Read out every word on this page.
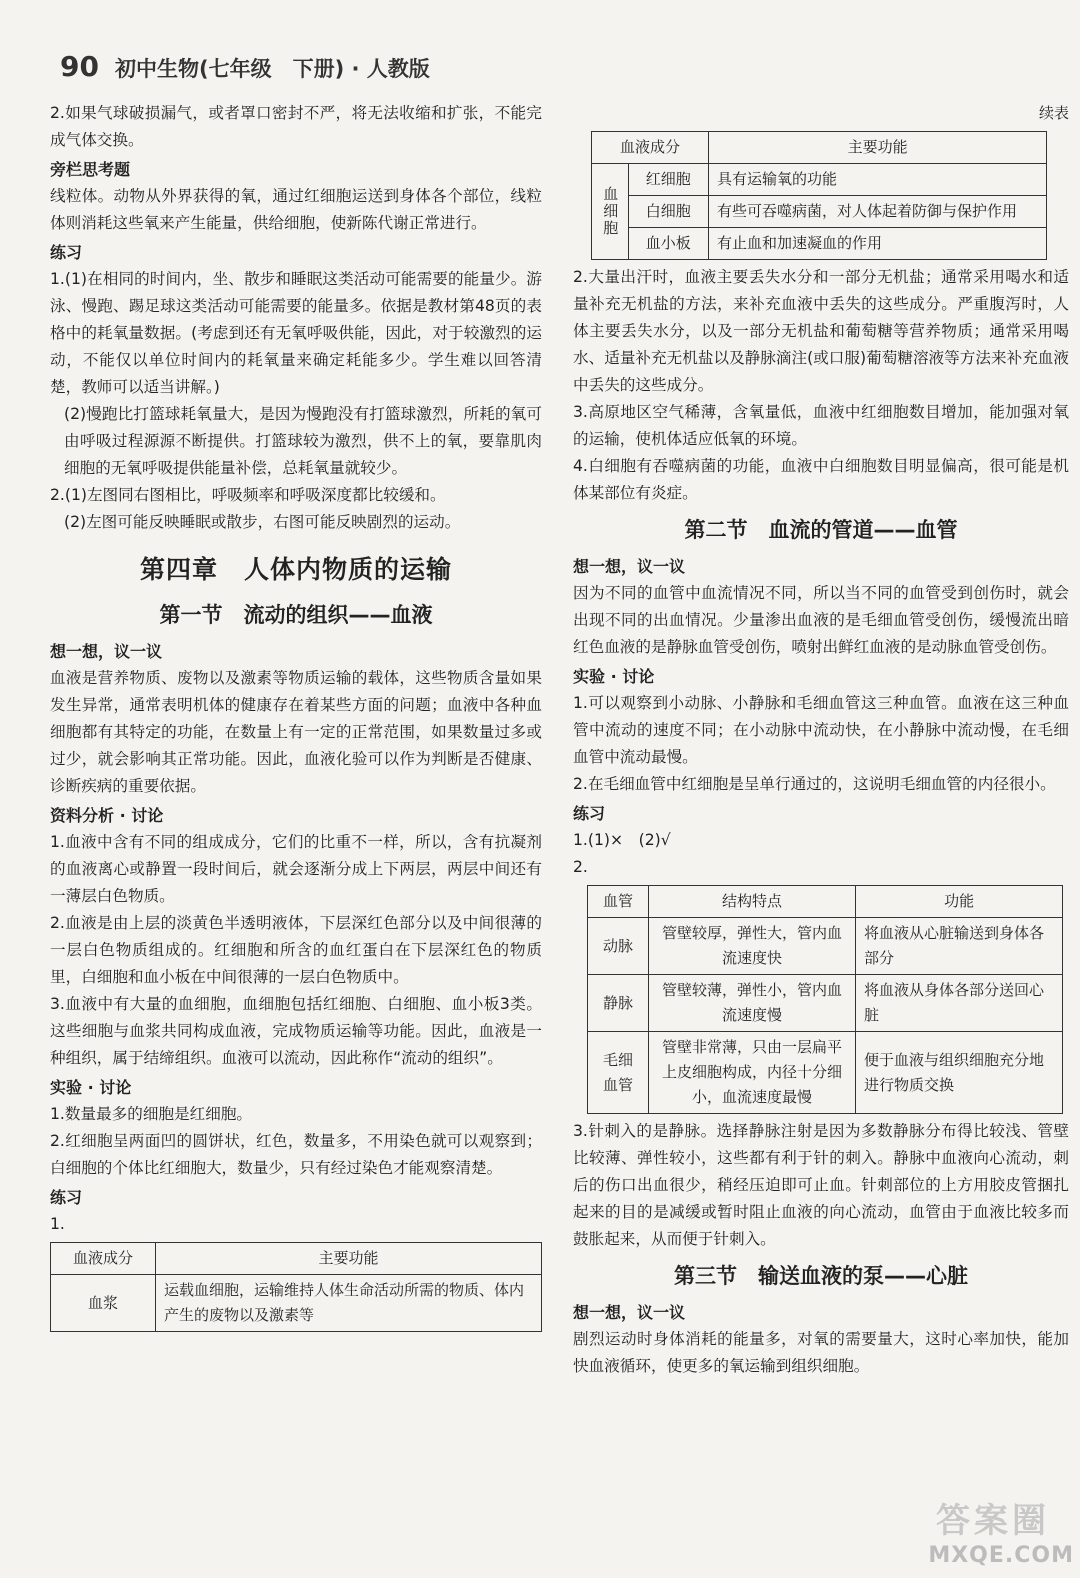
90 初中生物(七年级　下册) · 人教版

2.如果气球破损漏气，或者罩口密封不严，将无法收缩和扩张，不能完成气体交换。

旁栏思考题

线粒体。动物从外界获得的氧，通过红细胞运送到身体各个部位，线粒体则消耗这些氧来产生能量，供给细胞，使新陈代谢正常进行。

练习

1.(1)在相同的时间内，坐、散步和睡眠这类活动可能需要的能量少。游泳、慢跑、踢足球这类活动可能需要的能量多。依据是教材第48页的表格中的耗氧量数据。(考虑到还有无氧呼吸供能，因此，对于较激烈的运动，不能仅以单位时间内的耗氧量来确定耗能多少。学生难以回答清楚，教师可以适当讲解。)

(2)慢跑比打篮球耗氧量大，是因为慢跑没有打篮球激烈，所耗的氧可由呼吸过程源源不断提供。打篮球较为激烈，供不上的氧，要靠肌肉细胞的无氧呼吸提供能量补偿，总耗氧量就较少。

2.(1)左图同右图相比，呼吸频率和呼吸深度都比较缓和。

(2)左图可能反映睡眠或散步，右图可能反映剧烈的运动。

第四章　人体内物质的运输
第一节　流动的组织——血液

想一想，议一议

血液是营养物质、废物以及激素等物质运输的载体，这些物质含量如果发生异常，通常表明机体的健康存在着某些方面的问题；血液中各种血细胞都有其特定的功能，在数量上有一定的正常范围，如果数量过多或过少，就会影响其正常功能。因此，血液化验可以作为判断是否健康、诊断疾病的重要依据。

资料分析 · 讨论

1.血液中含有不同的组成成分，它们的比重不一样，所以，含有抗凝剂的血液离心或静置一段时间后，就会逐渐分成上下两层，两层中间还有一薄层白色物质。

2.血液是由上层的淡黄色半透明液体，下层深红色部分以及中间很薄的一层白色物质组成的。红细胞和所含的血红蛋白在下层深红色的物质里，白细胞和血小板在中间很薄的一层白色物质中。

3.血液中有大量的血细胞，血细胞包括红细胞、白细胞、血小板3类。这些细胞与血浆共同构成血液，完成物质运输等功能。因此，血液是一种组织，属于结缔组织。血液可以流动，因此称作“流动的组织”。

实验 · 讨论

1.数量最多的细胞是红细胞。

2.红细胞呈两面凹的圆饼状，红色，数量多，不用染色就可以观察到；白细胞的个体比红细胞大，数量少，只有经过染色才能观察清楚。

练习

1.

血液成分	主要功能
血浆	运载血细胞，运输维持人体生命活动所需的物质、体内产生的废物以及激素等

续表

血液成分		主要功能
血细胞	红细胞	具有运输氧的功能
	白细胞	有些可吞噬病菌，对人体起着防御与保护作用
	血小板	有止血和加速凝血的作用

2.大量出汗时，血液主要丢失水分和一部分无机盐；通常采用喝水和适量补充无机盐的方法，来补充血液中丢失的这些成分。严重腹泻时，人体主要丢失水分，以及一部分无机盐和葡萄糖等营养物质；通常采用喝水、适量补充无机盐以及静脉滴注(或口服)葡萄糖溶液等方法来补充血液中丢失的这些成分。

3.高原地区空气稀薄，含氧量低，血液中红细胞数目增加，能加强对氧的运输，使机体适应低氧的环境。

4.白细胞有吞噬病菌的功能，血液中白细胞数目明显偏高，很可能是机体某部位有炎症。

第二节　血流的管道——血管

想一想，议一议

因为不同的血管中血流情况不同，所以当不同的血管受到创伤时，就会出现不同的出血情况。少量渗出血液的是毛细血管受创伤，缓慢流出暗红色血液的是静脉血管受创伤，喷射出鲜红血液的是动脉血管受创伤。

实验 · 讨论

1.可以观察到小动脉、小静脉和毛细血管这三种血管。血液在这三种血管中流动的速度不同；在小动脉中流动快，在小静脉中流动慢，在毛细血管中流动最慢。

2.在毛细血管中红细胞是呈单行通过的，这说明毛细血管的内径很小。

练习

1.(1)×　(2)√

2.

血管	结构特点	功能
动脉	管壁较厚，弹性大，管内血流速度快	将血液从心脏输送到身体各部分
静脉	管壁较薄，弹性小，管内血流速度慢	将血液从身体各部分送回心脏
毛细血管	管壁非常薄，只由一层扁平上皮细胞构成，内径十分细小，血流速度最慢	便于血液与组织细胞充分地进行物质交换

3.针刺入的是静脉。选择静脉注射是因为多数静脉分布得比较浅、管壁比较薄、弹性较小，这些都有利于针的刺入。静脉中血液向心流动，刺后的伤口出血很少，稍经压迫即可止血。针刺部位的上方用胶皮管捆扎起来的目的是减缓或暂时阻止血液的向心流动，血管由于血液比较多而鼓胀起来，从而便于针刺入。

第三节　输送血液的泵——心脏

想一想，议一议

剧烈运动时身体消耗的能量多，对氧的需要量大，这时心率加快，能加快血液循环，使更多的氧运输到组织细胞。

答案圈
MXQE.COM
